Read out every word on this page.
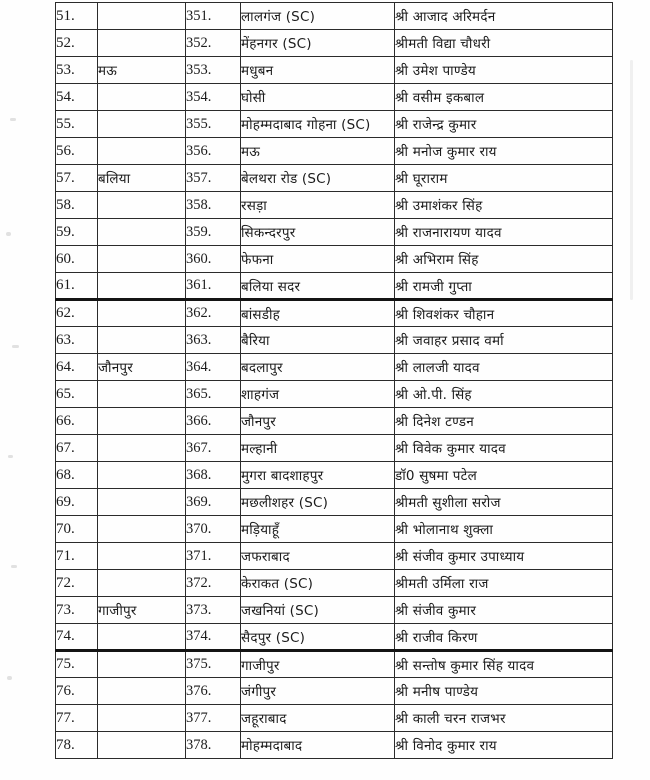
51.		351.	लालगंज (SC)	श्री आजाद अरिमर्दन
52.		352.	मेंहनगर (SC)	श्रीमती विद्या चौधरी
53.	मऊ	353.	मधुबन	श्री उमेश पाण्डेय
54.		354.	घोसी	श्री वसीम इकबाल
55.		355.	मोहम्मदाबाद गोहना (SC)	श्री राजेन्द्र कुमार
56.		356.	मऊ	श्री मनोज कुमार राय
57.	बलिया	357.	बेलथरा रोड (SC)	श्री घूराराम
58.		358.	रसड़ा	श्री उमाशंकर सिंह
59.		359.	सिकन्दरपुर	श्री राजनारायण यादव
60.		360.	फेफना	श्री अभिराम सिंह
61.		361.	बलिया सदर	श्री रामजी गुप्ता
62.		362.	बांसडीह	श्री शिवशंकर चौहान
63.		363.	बैरिया	श्री जवाहर प्रसाद वर्मा
64.	जौनपुर	364.	बदलापुर	श्री लालजी यादव
65.		365.	शाहगंज	श्री ओ.पी. सिंह
66.		366.	जौनपुर	श्री दिनेश टण्डन
67.		367.	मल्हानी	श्री विवेक कुमार यादव
68.		368.	मुगरा बादशाहपुर	डॉ0 सुषमा पटेल
69.		369.	मछलीशहर (SC)	श्रीमती सुशीला सरोज
70.		370.	मड़ियाहूँ	श्री भोलानाथ शुक्ला
71.		371.	जफराबाद	श्री संजीव कुमार उपाध्याय
72.		372.	केराकत (SC)	श्रीमती उर्मिला राज
73.	गाजीपुर	373.	जखनियां (SC)	श्री संजीव कुमार
74.		374.	सैदपुर (SC)	श्री राजीव किरण
75.		375.	गाजीपुर	श्री सन्तोष कुमार सिंह यादव
76.		376.	जंगीपुर	श्री मनीष पाण्डेय
77.		377.	जहूराबाद	श्री काली चरन राजभर
78.		378.	मोहम्मदाबाद	श्री विनोद कुमार राय
